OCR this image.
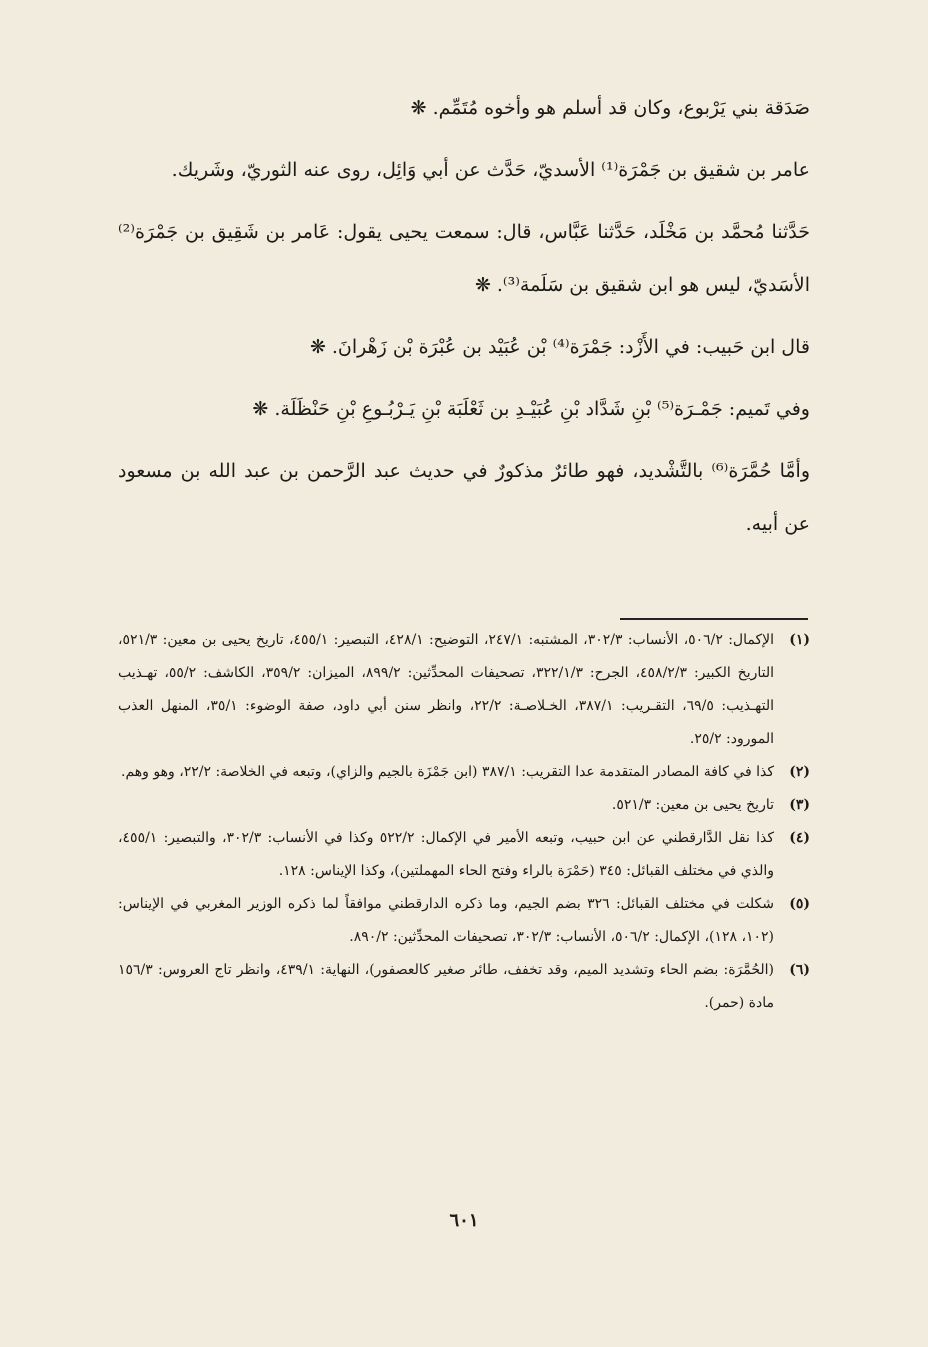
صَدَقة بني يَرْبوع، وكان قد أسلم هو وأخوه مُتَمِّم.❋

عامر بن شقيق بن جَمْرَة⁽¹⁾ الأسديّ، حَدَّث عن أبي وَائِل، روى عنه الثوريّ، وشَريك.

حَدَّثنا مُحمَّد بن مَخْلَد، حَدَّثنا عَبَّاس، قال: سمعت يحيى يقول: عَامر بن شَقِيق بن جَمْرَة⁽²⁾ الأسَديّ، ليس هو ابن شقيق بن سَلَمة⁽³⁾.❋

قال ابن حَبيب: في الأَزْد: جَمْرَة⁽⁴⁾ بْن عُبَيْد بن عُبْرَة بْن زَهْرانَ.❋

وفي تَميم: جَمْـرَة⁽⁵⁾ بْنِ شَدَّاد بْنِ عُبَيْـدِ بن ثَعْلَبَة بْنِ يَـرْبُـوعِ بْنِ حَنْظَلَة.❋

وأمَّا حُمَّرَة⁽⁶⁾ بالتَّشْديد، فهو طائرٌ مذكورٌ في حديث عبد الرَّحمن بن عبد الله بن مسعود عن أبيه.

(١)
الإكمال: ٥٠٦/٢، الأنساب: ٣٠٢/٣، المشتبه: ٢٤٧/١، التوضيح: ٤٢٨/١، التبصير: ٤٥٥/١، تاريخ يحيى بن معين: ٥٢١/٣، التاريخ الكبير: ٤٥٨/٢/٣، الجرح: ٣٢٢/١/٣، تصحيفات المحدِّثين: ٨٩٩/٢، الميزان: ٣٥٩/٢، الكاشف: ٥٥/٢، تهـذيب التهـذيب: ٦٩/٥، التقـريب: ٣٨٧/١، الخـلاصـة: ٢٢/٢، وانظر سنن أبي داود، صفة الوضوء: ٣٥/١، المنهل العذب المورود: ٢٥/٢.

(٢)
كذا في كافة المصادر المتقدمة عدا التقريب: ٣٨٧/١ (ابن جَمْزَة بالجيم والزاي)، وتبعه في الخلاصة: ٢٢/٢، وهو وهم.

(٣)
تاريخ يحيى بن معين: ٥٢١/٣.

(٤)
كذا نقل الدَّارقطني عن ابن حبيب، وتبعه الأمير في الإكمال: ٥٢٢/٢ وكذا في الأنساب: ٣٠٢/٣، والتبصير: ٤٥٥/١، والذي في مختلف القبائل: ٣٤٥ (حَمْرَة بالراء وفتح الحاء المهملتين)، وكذا الإيناس: ١٢٨.

(٥)
شكلت في مختلف القبائل: ٣٢٦ بضم الجيم، وما ذكره الدارقطني موافقاً لما ذكره الوزير المغربي في الإيناس: (١٠٢، ١٢٨)، الإكمال: ٥٠٦/٢، الأنساب: ٣٠٢/٣، تصحيفات المحدِّثين: ٨٩٠/٢.

(٦)
(الحُمَّرَة: بضم الحاء وتشديد الميم، وقد تخفف، طائر صغير كالعصفور)، النهاية: ٤٣٩/١، وانظر تاج العروس: ١٥٦/٣ مادة (حمر).

٦٠١
